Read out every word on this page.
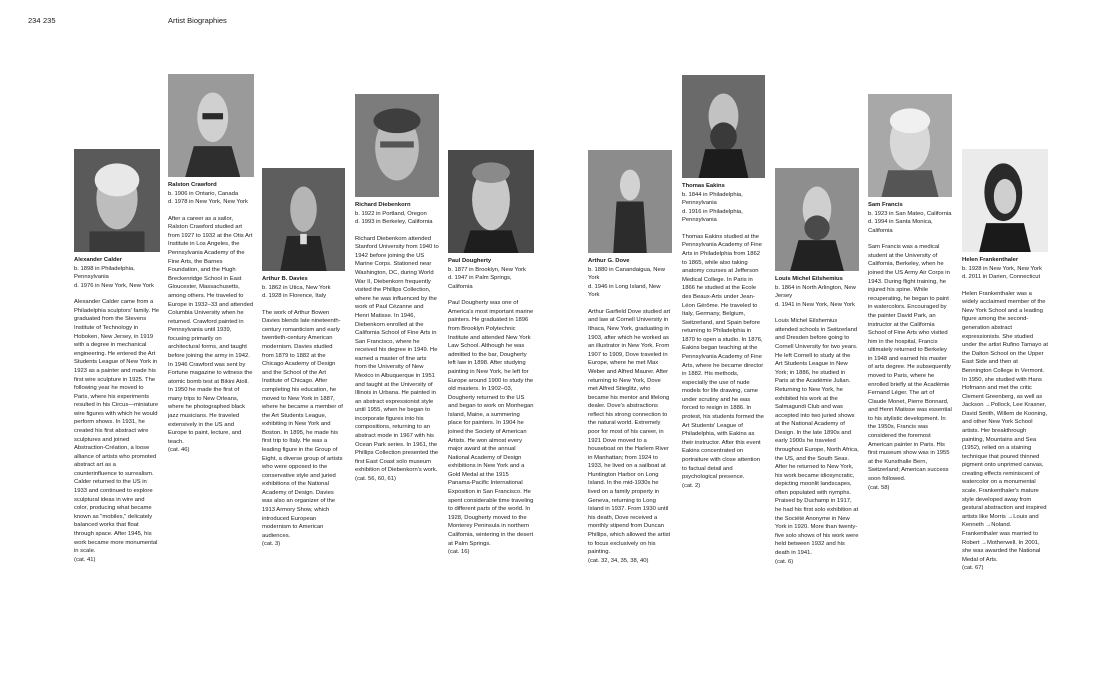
234 235	Artist Biographies
Alexander Calder
b. 1898 in Philadelphia, Pennsylvania
d. 1976 in New York, New York
Alexander Calder came from a Philadelphia sculptors' family. He graduated from the Stevens Institute of Technology in Hoboken, New Jersey, in 1919 with a degree in mechanical engineering. He entered the Art Students League of New York in 1923 as a painter and made his first wire sculpture in 1925. The following year he moved to Paris, where his experiments resulted in his Circus—miniature wire figures with which he would perform shows. In 1931, he created his first abstract wire sculptures and joined Abstraction-Création, a loose alliance of artists who promoted abstract art as a counterinfluence to surrealism. Calder returned to the US in 1933 and continued to explore sculptural ideas in wire and color, producing what became known as "mobiles," delicately balanced works that float through space. After 1945, his work became more monumental in scale.
(cat. 41)
Ralston Crawford
b. 1906 in Ontario, Canada
d. 1978 in New York, New York
After a career as a sailor, Ralston Crawford studied art from 1927 to 1932 at the Otis Art Institute in Los Angeles, the Pennsylvania Academy of the Fine Arts, the Barnes Foundation, and the Hugh Breckenridge School in East Gloucester, Massachusetts, among others. He traveled to Europe in 1932–33 and attended Columbia University when he returned. Crawford painted in Pennsylvania until 1939, focusing primarily on architectural forms, and taught before joining the army in 1942. In 1946 Crawford was sent by Fortune magazine to witness the atomic bomb test at Bikini Atoll. In 1950 he made the first of many trips to New Orleans, where he photographed black jazz musicians. He traveled extensively in the US and Europe to paint, lecture, and teach.
(cat. 46)
Arthur B. Davies
b. 1862 in Utica, New York
d. 1928 in Florence, Italy
The work of Arthur Bowen Davies blends late nineteenth-century romanticism and early twentieth-century American modernism. Davies studied from 1879 to 1882 at the Chicago Academy of Design and the School of the Art Institute of Chicago. After completing his education, he moved to New York in 1887, where he became a member of the Art Students League, exhibiting in New York and Boston. In 1895, he made his first trip to Italy. He was a leading figure in the Group of Eight, a diverse group of artists who were opposed to the conservative style and juried exhibitions of the National Academy of Design. Davies was also an organizer of the 1913 Armory Show, which introduced European modernism to American audiences.
(cat. 3)
Richard Diebenkorn
b. 1922 in Portland, Oregon
d. 1993 in Berkeley, California
Richard Diebenkorn attended Stanford University from 1940 to 1942 before joining the US Marine Corps. Stationed near Washington, DC, during World War II, Diebenkorn frequently visited the Phillips Collection, where he was influenced by the work of Paul Cézanne and Henri Matisse. In 1946, Diebenkorn enrolled at the California School of Fine Arts in San Francisco, where he received his degree in 1949. He earned a master of fine arts from the University of New Mexico in Albuquerque in 1951 and taught at the University of Illinois in Urbana. He painted in an abstract expressionist style until 1955, when he began to incorporate figures into his compositions, returning to an abstract mode in 1967 with his Ocean Park series. In 1961, the Phillips Collection presented the first East Coast solo museum exhibition of Diebenkorn's work.
(cat. 56, 60, 61)
Paul Dougherty
b. 1877 in Brooklyn, New York
d. 1947 in Palm Springs, California
Paul Dougherty was one of America's most important marine painters. He graduated in 1896 from Brooklyn Polytechnic Institute and attended New York Law School. Although he was admitted to the bar, Dougherty left law in 1898. After studying painting in New York, he left for Europe around 1900 to study the old masters. In 1902–03, Dougherty returned to the US and began to work on Monhegan Island, Maine, a summering place for painters. In 1904 he joined the Society of American Artists. He won almost every major award at the annual National Academy of Design exhibitions in New York and a Gold Medal at the 1915 Panama-Pacific International Exposition in San Francisco. He spent considerable time traveling to different parts of the world. In 1928, Dougherty moved to the Monterey Peninsula in northern California, wintering in the desert at Palm Springs.
(cat. 16)
Arthur G. Dove
b. 1880 in Canandaigua, New York
d. 1946 in Long Island, New York
Arthur Garfield Dove studied art and law at Cornell University in Ithaca, New York, graduating in 1903, after which he worked as an illustrator in New York. From 1907 to 1909, Dove traveled in Europe, where he met Max Weber and Alfred Maurer. After returning to New York, Dove met Alfred Stieglitz, who became his mentor and lifelong dealer. Dove's abstractions reflect his strong connection to the natural world. Extremely poor for most of his career, in 1921 Dove moved to a houseboat on the Harlem River in Manhattan; from 1924 to 1933, he lived on a sailboat at Huntington Harbor on Long Island. In the mid-1930s he lived on a family property in Geneva, returning to Long Island in 1937. From 1930 until his death, Dove received a monthly stipend from Duncan Phillips, which allowed the artist to focus exclusively on his painting.
(cat. 32, 34, 35, 38, 40)
Thomas Eakins
b. 1844 in Philadelphia, Pennsylvania
d. 1916 in Philadelphia, Pennsylvania
Thomas Eakins studied at the Pennsylvania Academy of Fine Arts in Philadelphia from 1862 to 1865, while also taking anatomy courses at Jefferson Medical College. In Paris in 1866 he studied at the Ecole des Beaux-Arts under Jean-Léon Gérôme. He traveled to Italy, Germany, Belgium, Switzerland, and Spain before returning to Philadelphia in 1870 to open a studio. In 1876, Eakins began teaching at the Pennsylvania Academy of Fine Arts, where he became director in 1882. His methods, especially the use of nude models for life drawing, came under scrutiny and he was forced to resign in 1886. In protest, his students formed the Art Students' League of Philadelphia, with Eakins as their instructor. After this event Eakins concentrated on portraiture with close attention to factual detail and psychological presence.
(cat. 2)
Louis Michel Eilshemius
b. 1864 in North Arlington, New Jersey
d. 1941 in New York, New York
Louis Michel Eilshemius attended schools in Switzerland and Dresden before going to Cornell University for two years. He left Cornell to study at the Art Students League in New York; in 1886, he studied in Paris at the Académie Julian. Returning to New York, he exhibited his work at the Salmagundi Club and was accepted into two juried shows at the National Academy of Design. In the late 1890s and early 1900s he traveled throughout Europe, North Africa, the US, and the South Seas. After he returned to New York, his work became idiosyncratic, depicting moonlit landscapes, often populated with nymphs. Praised by Duchamp in 1917, he had his first solo exhibition at the Société Anonyme in New York in 1920. More than twenty-five solo shows of his work were held between 1932 and his death in 1941.
(cat. 6)
Sam Francis
b. 1923 in San Mateo, California
d. 1994 in Santa Monica, California
Sam Francis was a medical student at the University of California, Berkeley, when he joined the US Army Air Corps in 1943. During flight training, he injured his spine. While recuperating, he began to paint in watercolors. Encouraged by the painter David Park, an instructor at the California School of Fine Arts who visited him in the hospital, Francis ultimately returned to Berkeley in 1948 and earned his master of arts degree. He subsequently moved to Paris, where he enrolled briefly at the Académie Fernand Léger. The art of Claude Monet, Pierre Bonnard, and Henri Matisse was essential to his stylistic development. In the 1950s, Francis was considered the foremost American painter in Paris. His first museum show was in 1955 at the Kunsthalle Bern, Switzerland; American success soon followed.
(cat. 58)
Helen Frankenthaler
b. 1928 in New York, New York
d. 2011 in Darien, Connecticut
Helen Frankenthaler was a widely acclaimed member of the New York School and a leading figure among the second-generation abstract expressionists. She studied under the artist Rufino Tamayo at the Dalton School on the Upper East Side and then at Bennington College in Vermont. In 1950, she studied with Hans Hofmann and met the critic Clement Greenberg, as well as Jackson →Pollock, Lee Krasner, David Smith, Willem de Kooning, and other New York School artists. Her breakthrough painting, Mountains and Sea (1952), relied on a staining technique that poured thinned pigment onto unprimed canvas, creating effects reminiscent of watercolor on a monumental scale. Frankenthaler's mature style developed away from gestural abstraction and inspired artists like Morris →Louis and Kenneth →Noland. Frankenthaler was married to Robert →Motherwell. In 2001, she was awarded the National Medal of Arts.
(cat. 67)
